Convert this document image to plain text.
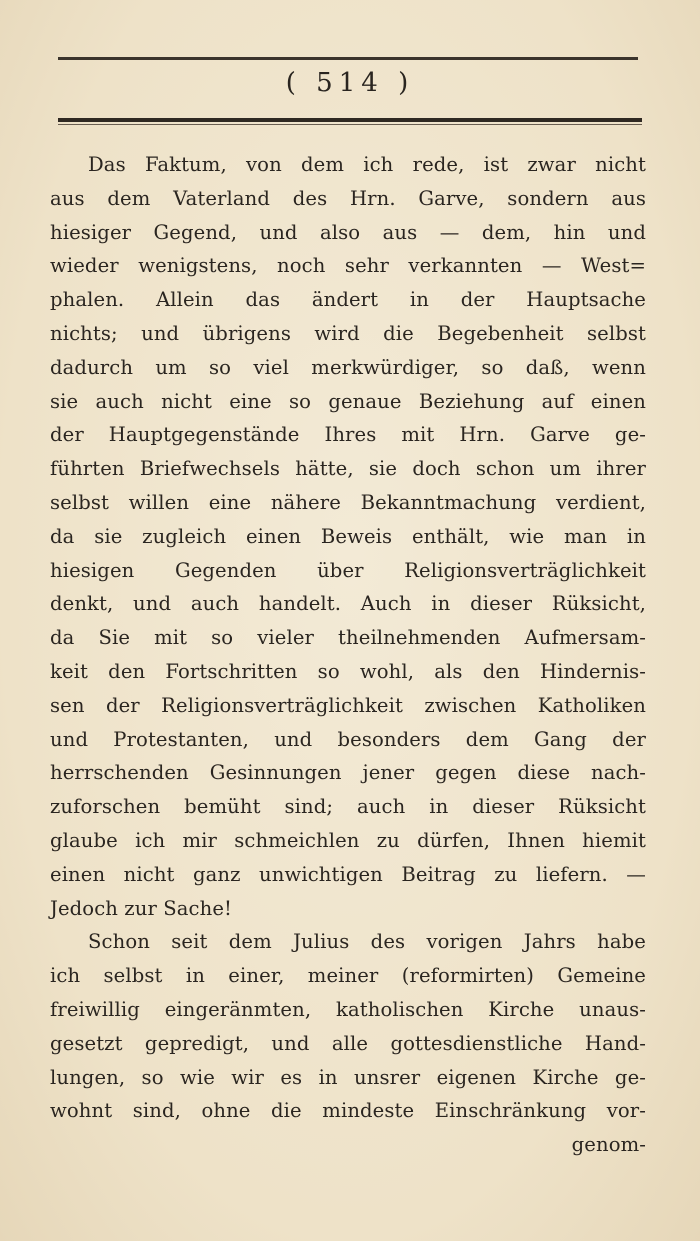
( 514 )
Das Faktum, von dem ich rede, ist zwar nicht
aus dem Vaterland des Hrn. Garve, sondern aus
hiesiger Gegend, und also aus — dem, hin und
wieder wenigstens, noch sehr verkannten — West=
phalen. Allein das ändert in der Hauptsache
nichts; und übrigens wird die Begebenheit selbst
dadurch um so viel merkwürdiger, so daß, wenn
sie auch nicht eine so genaue Beziehung auf einen
der Hauptgegenstände Ihres mit Hrn. Garve ge-
führten Briefwechsels hätte, sie doch schon um ihrer
selbst willen eine nähere Bekanntmachung verdient,
da sie zugleich einen Beweis enthält, wie man in
hiesigen Gegenden über Religionsverträglichkeit
denkt, und auch handelt. Auch in dieser Rüksicht,
da Sie mit so vieler theilnehmenden Aufmersam-
keit den Fortschritten so wohl, als den Hindernis-
sen der Religionsverträglichkeit zwischen Katholiken
und Protestanten, und besonders dem Gang der
herrschenden Gesinnungen jener gegen diese nach-
zuforschen bemüht sind; auch in dieser Rüksicht
glaube ich mir schmeichlen zu dürfen, Ihnen hiemit
einen nicht ganz unwichtigen Beitrag zu liefern. —
Jedoch zur Sache!
Schon seit dem Julius des vorigen Jahrs habe
ich selbst in einer, meiner (reformirten) Gemeine
freiwillig eingeränmten, katholischen Kirche unaus-
gesetzt gepredigt, und alle gottesdienstliche Hand-
lungen, so wie wir es in unsrer eigenen Kirche ge-
wohnt sind, ohne die mindeste Einschränkung vor-
genom-
